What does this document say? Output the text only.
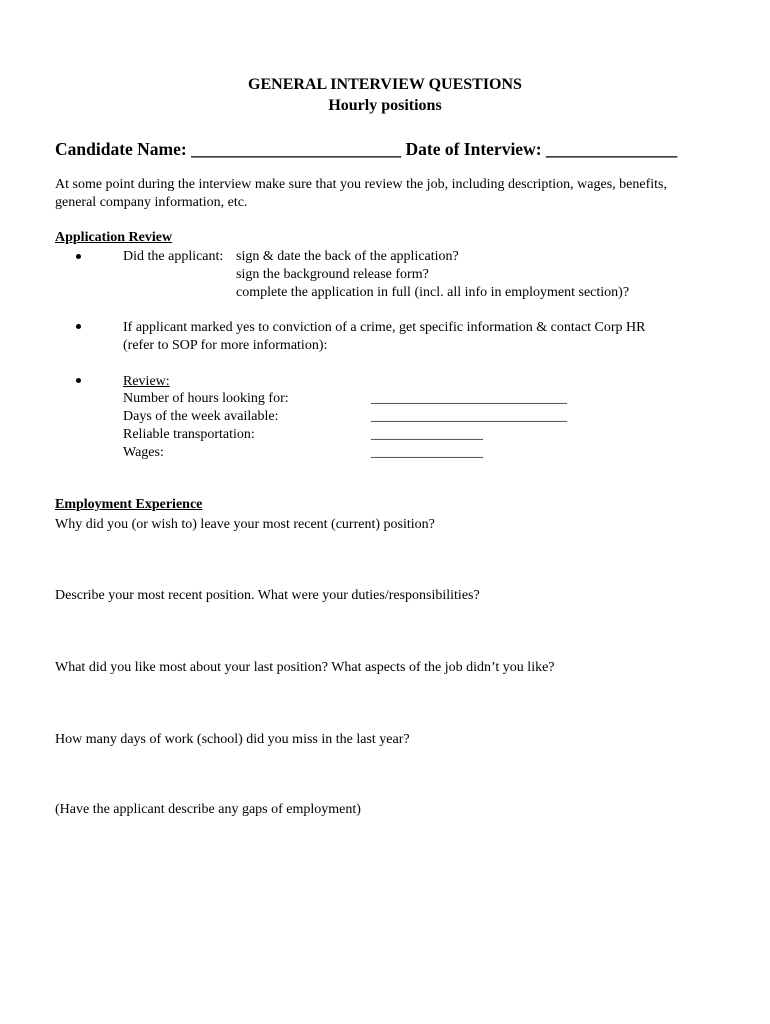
GENERAL INTERVIEW QUESTIONS
Hourly positions
Candidate Name: ________________________ Date of Interview: _______________
At some point during the interview make sure that you review the job, including description, wages, benefits,
general company information, etc.
Application Review
Did the applicant: sign & date the back of the application?
sign the background release form?
complete the application in full (incl. all info in employment section)?
If applicant marked yes to conviction of a crime, get specific information & contact Corp HR
(refer to SOP for more information):
Review:
Number of hours looking for:	____________________________
Days of the week available:	____________________________
Reliable transportation:	________________
Wages:	________________
Employment Experience
Why did you (or wish to) leave your most recent (current) position?
Describe your most recent position. What were your duties/responsibilities?
What did you like most about your last position? What aspects of the job didn’t you like?
How many days of work (school) did you miss in the last year?
(Have the applicant describe any gaps of employment)
